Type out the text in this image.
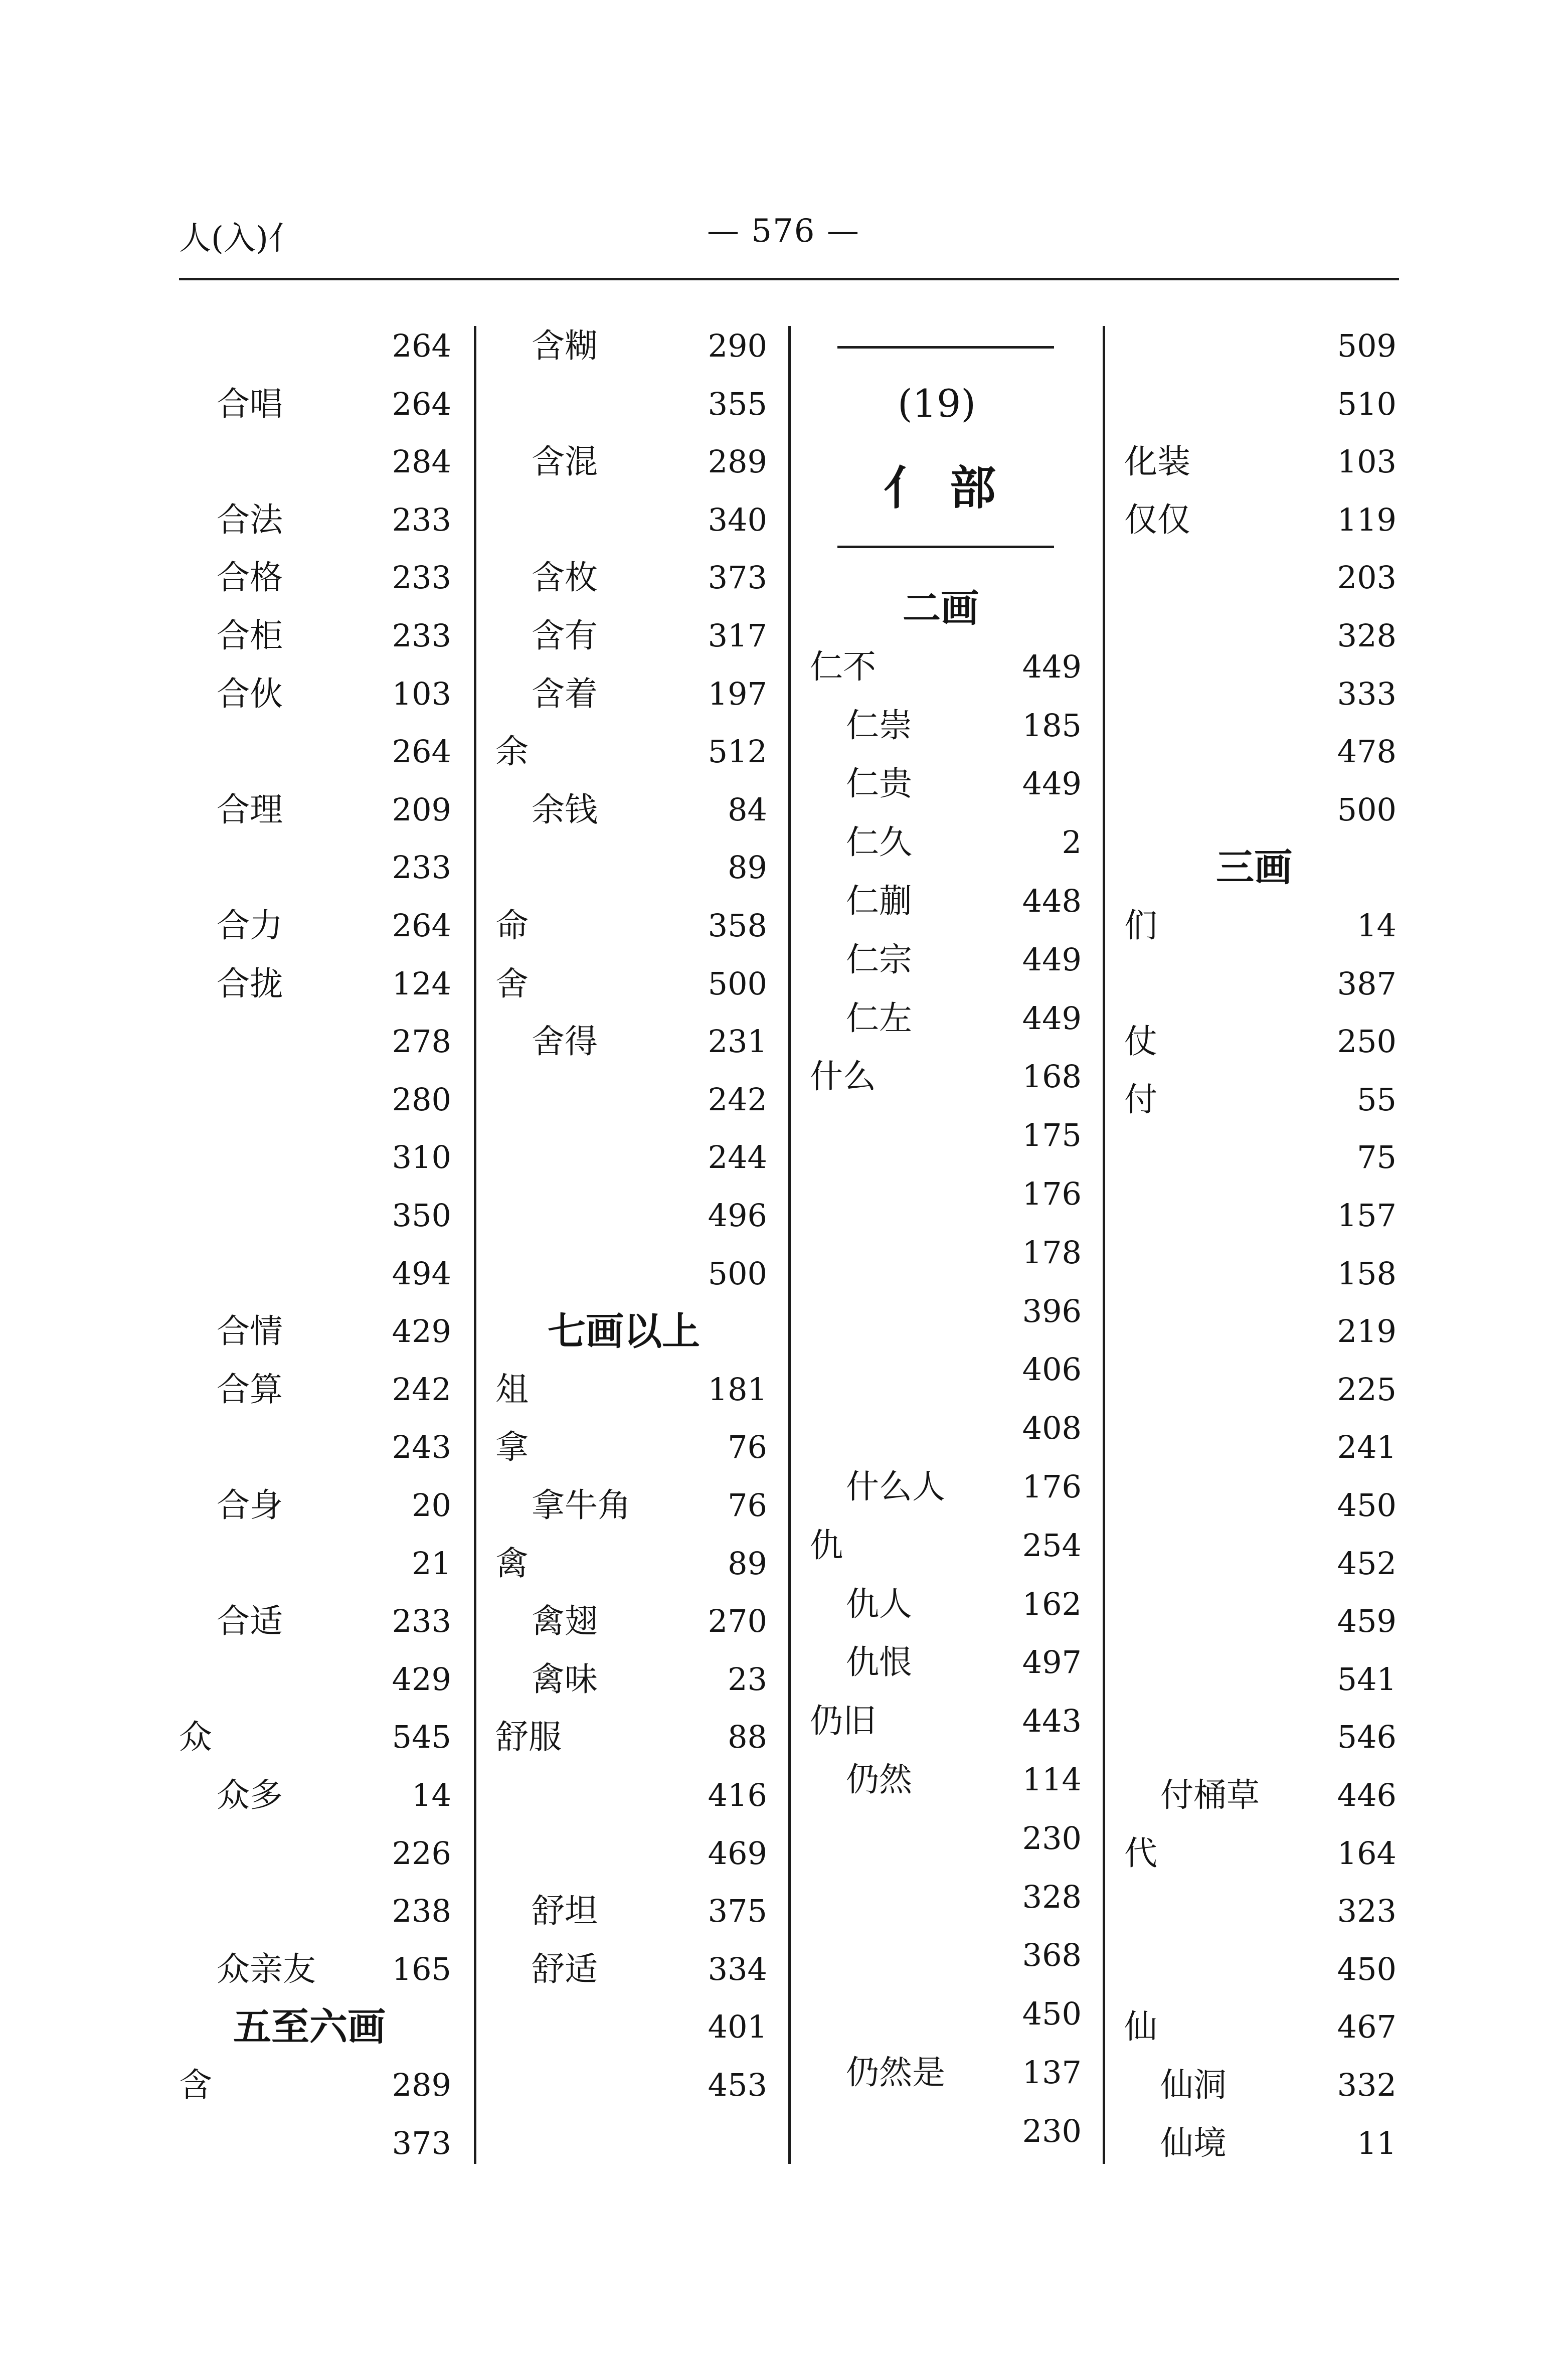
人(入)亻	— 576 —
264
合唱	264
284
合法	233
合格	233
合柜	233
合伙	103
264
合理	209
233
合力	264
合拢	124
278
280
310
350
494
合情	429
合算	242
243
合身	20
21
合适	233
429
众	545
众多	14
226
238
众亲友 165
五至六画
含	289
373
含糊	290
355
含混	289
340
含枚	373
含有	317
含着	197
余	512
余钱	84
89
命	358
舍	500
舍得	231
242
244
496
500
七画以上
俎	181
拿	76
拿牛角	76
禽	89
禽翅	270
禽味	23
舒服	88
416
469
舒坦	375
舒适	334
401
453
(19)
亻部
二画
仁不	449
仁崇	185
仁贵	449
仁久	2
仁蒯	448
仁宗	449
仁左	449
什么	168
175
176
178
396
406
408
什么人 176
仇	254
仇人	162
仇恨	497
仍旧	443
仍然	114
230
328
368
450
仍然是 137
230
509
510
化装	103
仅仅	119
203
328
333
478
500
三画
们	14
387
仗	250
付	55
75
157
158
219
225
241
450
452
459
541
546
付桶草 446
代	164
323
450
仙	467
仙洞	332
仙境	11
